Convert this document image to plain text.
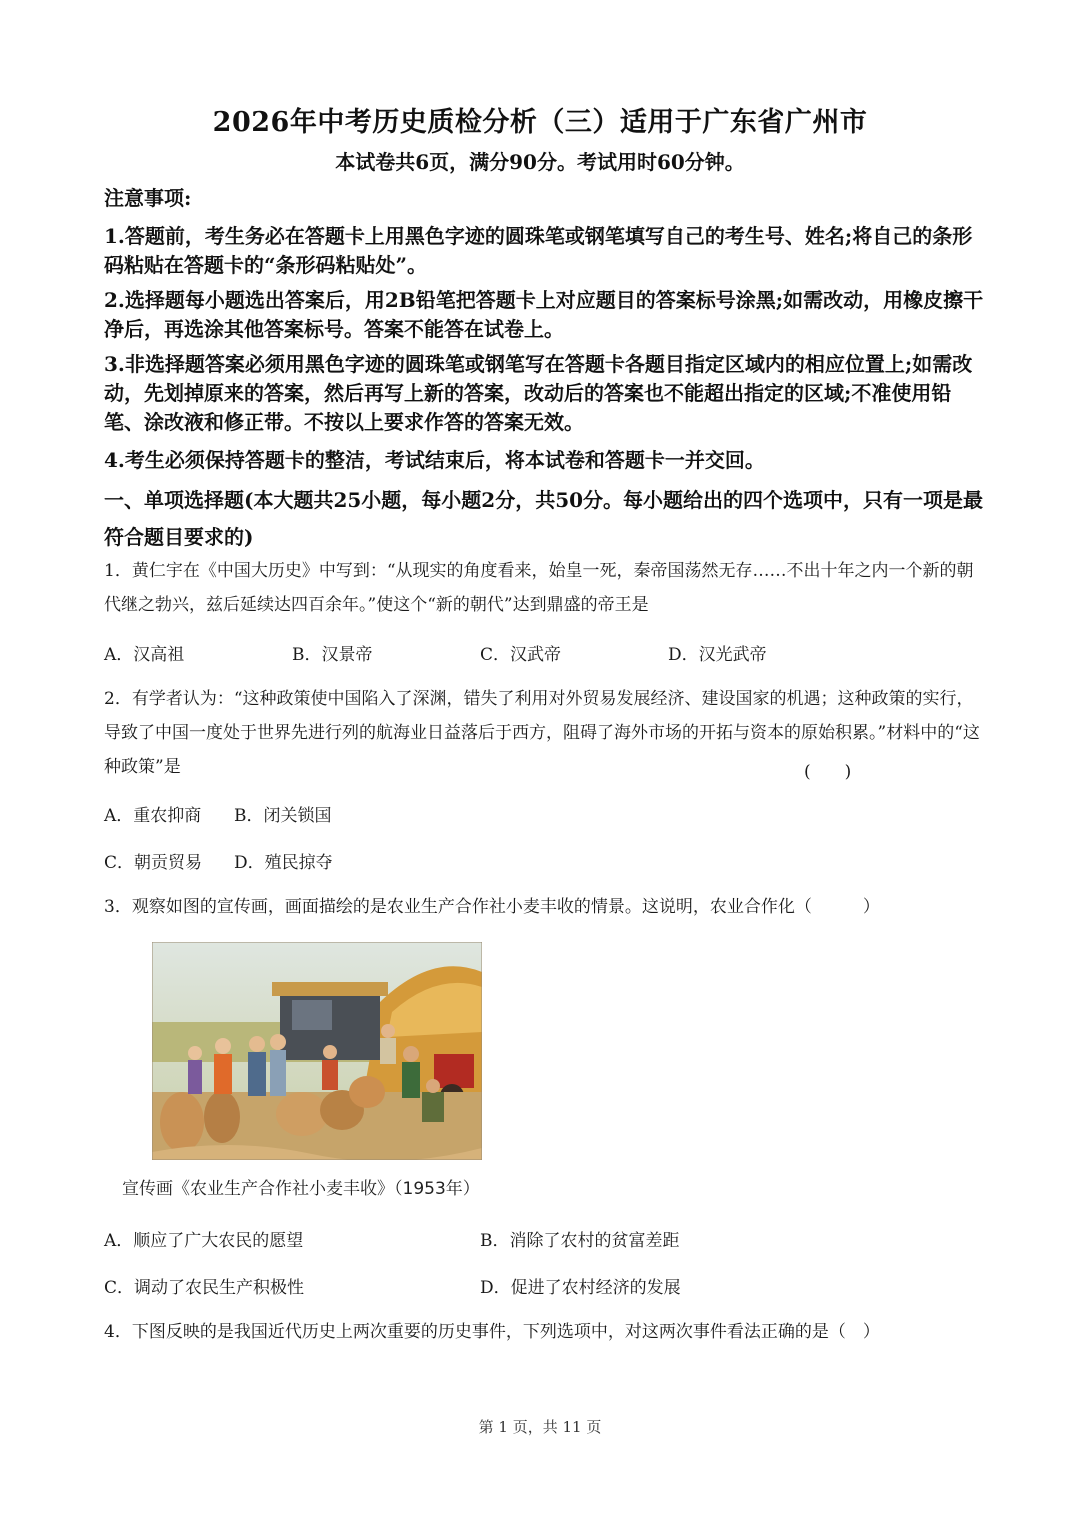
2026年中考历史质检分析（三）适用于广东省广州市
本试卷共6页，满分90分。考试用时60分钟。
注意事项:
1.答题前，考生务必在答题卡上用黑色字迹的圆珠笔或钢笔填写自己的考生号、姓名;将自己的条形码粘贴在答题卡的“条形码粘贴处”。
2.选择题每小题选出答案后，用2B铅笔把答题卡上对应题目的答案标号涂黑;如需改动，用橡皮擦干净后，再选涂其他答案标号。答案不能答在试卷上。
3.非选择题答案必须用黑色字迹的圆珠笔或钢笔写在答题卡各题目指定区域内的相应位置上;如需改动，先划掉原来的答案，然后再写上新的答案，改动后的答案也不能超出指定的区域;不准使用铅笔、涂改液和修正带。不按以上要求作答的答案无效。
4.考生必须保持答题卡的整洁，考试结束后，将本试卷和答题卡一并交回。
一、单项选择题(本大题共25小题，每小题2分，共50分。每小题给出的四个选项中，只有一项是最符合题目要求的)
1．黄仁宇在《中国大历史》中写到：“从现实的角度看来，始皇一死，秦帝国荡然无存……不出十年之内一个新的朝代继之勃兴，兹后延续达四百余年。”使这个“新的朝代”达到鼎盛的帝王是
A．汉高祖	B．汉景帝	C．汉武帝	D．汉光武帝
2．有学者认为：“这种政策使中国陷入了深渊，错失了利用对外贸易发展经济、建设国家的机遇；这种政策的实行，导致了中国一度处于世界先进行列的航海业日益落后于西方，阻碍了海外市场的开拓与资本的原始积累。”材料中的“这种政策”是	(　　)
A．重农抑商 B．闭关锁国
C．朝贡贸易 D．殖民掠夺
3．观察如图的宣传画，画面描绘的是农业生产合作社小麦丰收的情景。这说明，农业合作化（　　　）
宣传画《农业生产合作社小麦丰收》（1953年）
A．顺应了广大农民的愿望	B．消除了农村的贫富差距
C．调动了农民生产积极性	D．促进了农村经济的发展
4．下图反映的是我国近代历史上两次重要的历史事件，下列选项中，对这两次事件看法正确的是（　）
第 1 页，共 11 页
